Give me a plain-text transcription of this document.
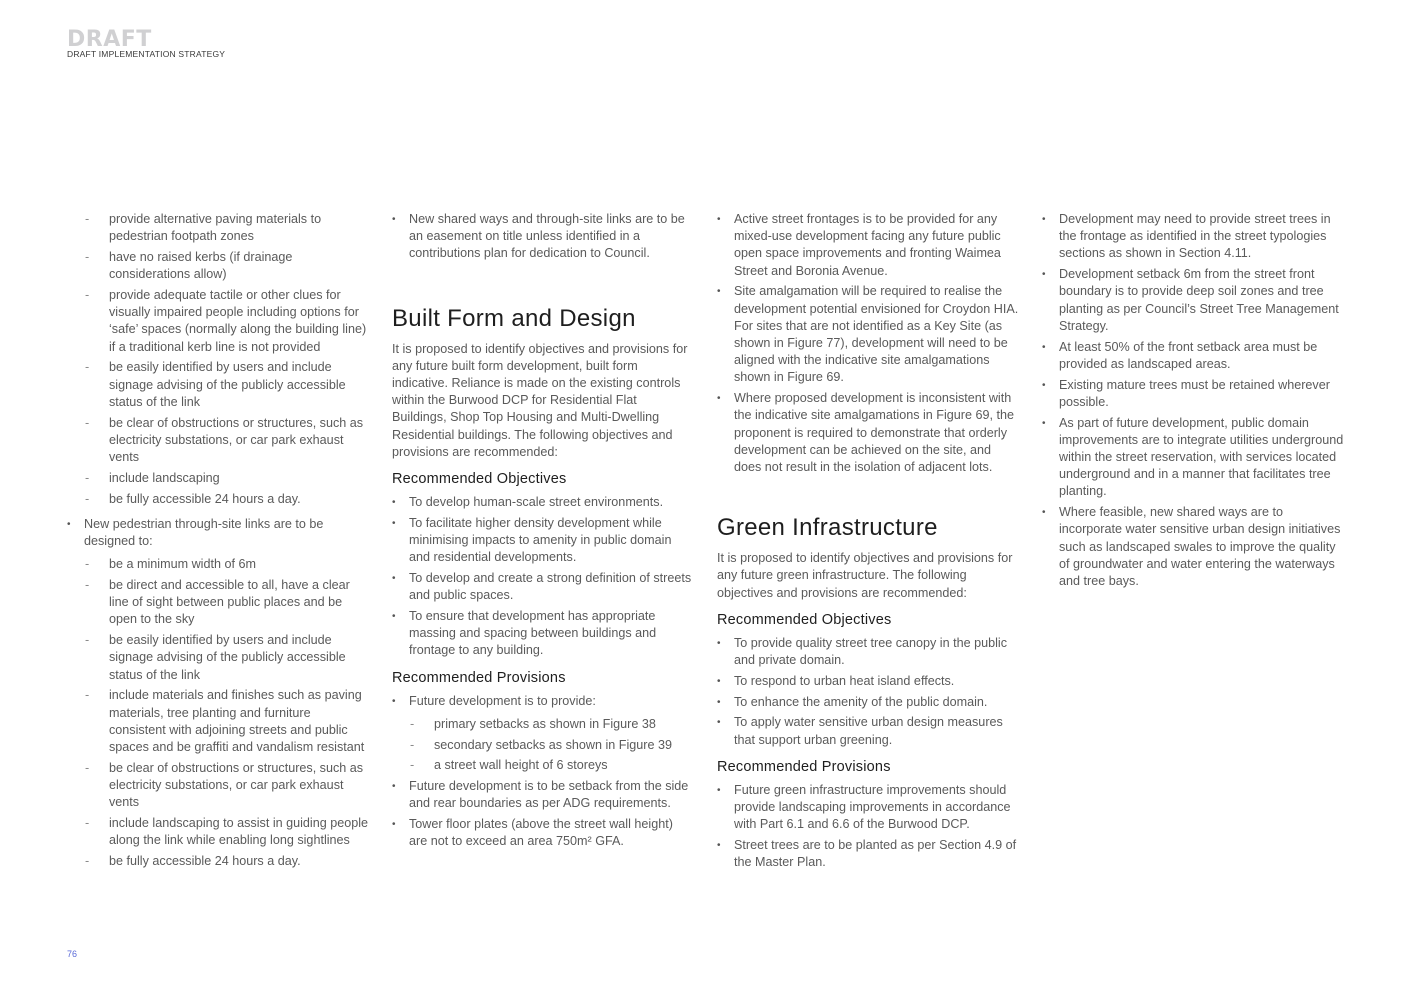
DRAFT
DRAFT IMPLEMENTATION STRATEGY
- provide alternative paving materials to pedestrian footpath zones
- have no raised kerbs (if drainage considerations allow)
- provide adequate tactile or other clues for visually impaired people including options for ‘safe’ spaces (normally along the building line) if a traditional kerb line is not provided
- be easily identified by users and include signage advising of the publicly accessible status of the link
- be clear of obstructions or structures, such as electricity substations, or car park exhaust vents
- include landscaping
- be fully accessible 24 hours a day.
•	New pedestrian through-site links are to be designed to:
- be a minimum width of 6m
- be direct and accessible to all, have a clear line of sight between public places and be open to the sky
- be easily identified by users and include signage advising of the publicly accessible status of the link
- include materials and finishes such as paving materials, tree planting and furniture consistent with adjoining streets and public spaces and be graffiti and vandalism resistant
- be clear of obstructions or structures, such as electricity substations, or car park exhaust vents
- include landscaping to assist in guiding people along the link while enabling long sightlines
- be fully accessible 24 hours a day.
•	New shared ways and through-site links are to be an easement on title unless identified in a contributions plan for dedication to Council.
Built Form and Design

It is proposed to identify objectives and provisions for any future built form development, built form indicative. Reliance is made on the existing controls within the Burwood DCP for Residential Flat Buildings, Shop Top Housing and Multi-Dwelling Residential buildings. The following objectives and provisions are recommended:

Recommended Objectives
•	To develop human-scale street environments.
•	To facilitate higher density development while minimising impacts to amenity in public domain and residential developments.
•	To develop and create a strong definition of streets and public spaces.
•	To ensure that development has appropriate massing and spacing between buildings and frontage to any building.
Recommended Provisions
•	Future development is to provide:
- primary setbacks as shown in Figure 38
- secondary setbacks as shown in Figure 39
- a street wall height of 6 storeys
•	Future development is to be setback from the side and rear boundaries as per ADG requirements.
•	Tower floor plates (above the street wall height) are not to exceed an area 750m² GFA.
•	Active street frontages is to be provided for any mixed-use development facing any future public open space improvements and fronting Waimea Street and Boronia Avenue.
•	Site amalgamation will be required to realise the development potential envisioned for Croydon HIA. For sites that are not identified as a Key Site (as shown in Figure 77), development will need to be aligned with the indicative site amalgamations shown in Figure 69.
•	Where proposed development is inconsistent with the indicative site amalgamations in Figure 69, the proponent is required to demonstrate that orderly development can be achieved on the site, and does not result in the isolation of adjacent lots.
Green Infrastructure

It is proposed to identify objectives and provisions for any future green infrastructure. The following objectives and provisions are recommended:

Recommended Objectives
•	To provide quality street tree canopy in the public and private domain.
•	To respond to urban heat island effects.
•	To enhance the amenity of the public domain.
•	To apply water sensitive urban design measures that support urban greening.
Recommended Provisions
•	Future green infrastructure improvements should provide landscaping improvements in accordance with Part 6.1 and 6.6 of the Burwood DCP.
•	Street trees are to be planted as per Section 4.9 of the Master Plan.
•	Development may need to provide street trees in the frontage as identified in the street typologies sections as shown in Section 4.11.
•	Development setback 6m from the street front boundary is to provide deep soil zones and tree planting as per Council’s Street Tree Management Strategy.
•	At least 50% of the front setback area must be provided as landscaped areas.
•	Existing mature trees must be retained wherever possible.
•	As part of future development, public domain improvements are to integrate utilities underground within the street reservation, with services located underground and in a manner that facilitates tree planting.
•	Where feasible, new shared ways are to incorporate water sensitive urban design initiatives such as landscaped swales to improve the quality of groundwater and water entering the waterways and tree bays.
76
